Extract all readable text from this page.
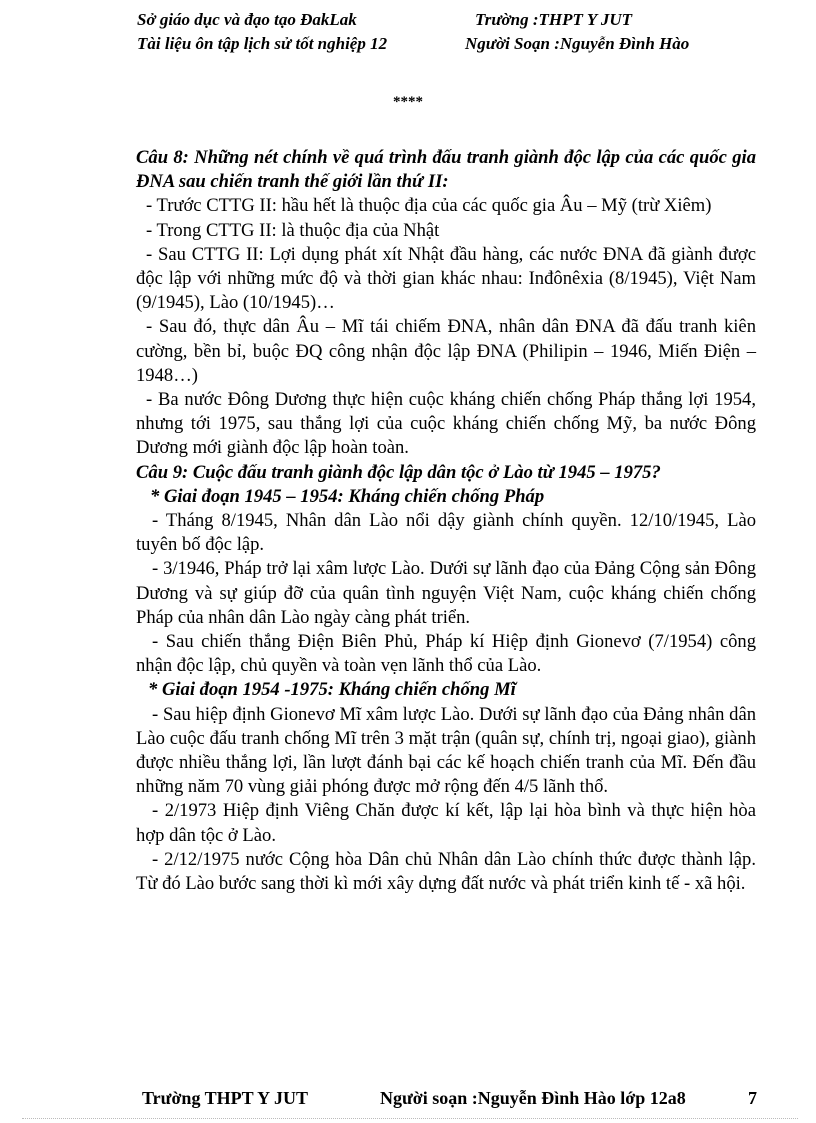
Sở giáo dục và đạo tạo ĐakLak	Trường :THPT Y JUT
Tài liệu ôn tập lịch sử tốt nghiệp 12	Người Soạn :Nguyễn Đình Hào
****

Câu 8: Những nét chính về quá trình đấu tranh giành độc lập của các quốc gia ĐNA sau chiến tranh thế giới lần thứ II:

- Trước CTTG II: hầu hết là thuộc địa của các quốc gia Âu – Mỹ (trừ Xiêm)

- Trong CTTG II: là thuộc địa của Nhật

- Sau CTTG II: Lợi dụng phát xít Nhật đầu hàng, các nước ĐNA đã giành được độc lập với những mức độ và thời gian khác nhau: Inđônêxia (8/1945), Việt Nam (9/1945), Lào (10/1945)…

- Sau đó, thực dân Âu – Mĩ tái chiếm ĐNA, nhân dân ĐNA đã đấu tranh kiên cường, bền bỉ, buộc ĐQ công nhận độc lập ĐNA (Philipin – 1946, Miến Điện – 1948…)

- Ba nước Đông Dương thực hiện cuộc kháng chiến chống Pháp thắng lợi 1954, nhưng tới 1975, sau thắng lợi của cuộc kháng chiến chống Mỹ, ba nước Đông Dương mới giành độc lập hoàn toàn.

Câu 9: Cuộc đấu tranh giành độc lập dân tộc ở Lào từ 1945 – 1975?

* Giai đoạn 1945 – 1954: Kháng chiến chống Pháp

- Tháng 8/1945, Nhân dân Lào nổi dậy giành chính quyền. 12/10/1945, Lào tuyên bố độc lập.

- 3/1946, Pháp trở lại xâm lược Lào. Dưới sự lãnh đạo của Đảng Cộng sản Đông Dương và sự giúp đỡ của quân tình nguyện Việt Nam, cuộc kháng chiến chống Pháp của nhân dân Lào ngày càng phát triển.

- Sau chiến thắng Điện Biên Phủ, Pháp kí Hiệp định Gionevơ (7/1954) công nhận độc lập, chủ quyền và toàn vẹn lãnh thổ của Lào.

* Giai đoạn 1954 -1975: Kháng chiến chống Mĩ

- Sau hiệp định Gionevơ Mĩ xâm lược Lào. Dưới sự lãnh đạo của Đảng nhân dân Lào cuộc đấu tranh chống Mĩ trên 3 mặt trận (quân sự, chính trị, ngoại giao), giành được nhiều thắng lợi, lần lượt đánh bại các kế hoạch chiến tranh của Mĩ. Đến đầu những năm 70 vùng giải phóng được mở rộng đến 4/5 lãnh thổ.

- 2/1973 Hiệp định Viêng Chăn được kí kết, lập lại hòa bình và thực hiện hòa hợp dân tộc ở Lào.

- 2/12/1975 nước Cộng hòa Dân chủ Nhân dân Lào chính thức được thành lập. Từ đó Lào bước sang thời kì mới xây dựng đất nước và phát triển kinh tế - xã hội.

Trường THPT Y JUT	Người soạn :Nguyễn Đình Hào lớp 12a8	7
